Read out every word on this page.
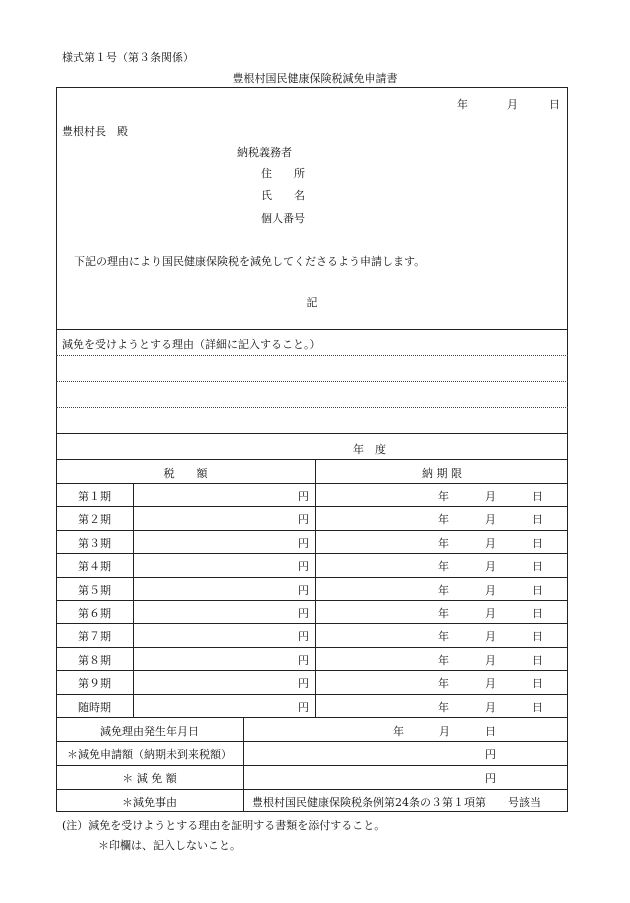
様式第１号（第３条関係）
豊根村国民健康保険税減免申請書
年	月	日
豊根村長　殿
納税義務者
住　　所
氏　　名
個人番号
下記の理由により国民健康保険税を減免してくださるよう申請します。
記
減免を受けようとする理由（詳細に記入すること。）
年　度
税　　額	納 期 限
第１期	円	年	月	日
第２期	円	年	月	日
第３期	円	年	月	日
第４期	円	年	月	日
第５期	円	年	月	日
第６期	円	年	月	日
第７期	円	年	月	日
第８期	円	年	月	日
第９期	円	年	月	日
随時期	円	年	月	日
減免理由発生年月日	年	月	日
＊減免申請額（納期未到来税額）	円
＊ 減 免 額	円
＊減免事由	豊根村国民健康保険税条例第24条の３第１項第　　号該当
(注）減免を受けようとする理由を証明する書類を添付すること。
＊印欄は、記入しないこと。
